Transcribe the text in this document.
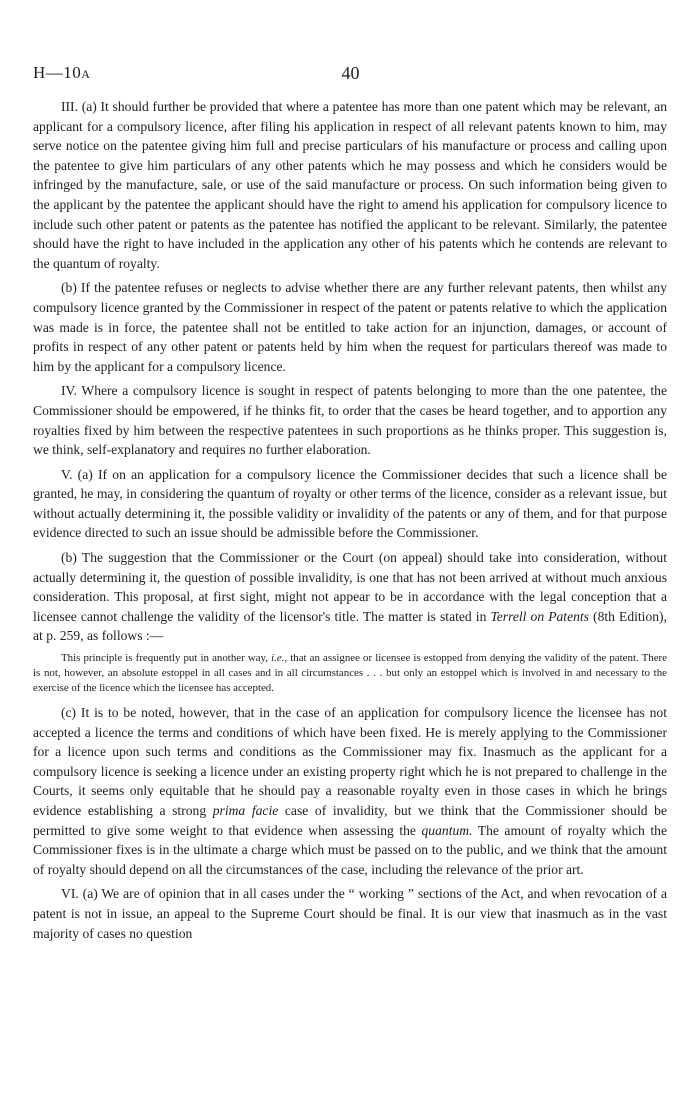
H—10A	40

III. (a) It should further be provided that where a patentee has more than one patent which may be relevant, an applicant for a compulsory licence, after filing his application in respect of all relevant patents known to him, may serve notice on the patentee giving him full and precise particulars of his manufacture or process and calling upon the patentee to give him particulars of any other patents which he may possess and which he considers would be infringed by the manufacture, sale, or use of the said manufacture or process. On such information being given to the applicant by the patentee the applicant should have the right to amend his application for compulsory licence to include such other patent or patents as the patentee has notified the applicant to be relevant. Similarly, the patentee should have the right to have included in the application any other of his patents which he contends are relevant to the quantum of royalty.

(b) If the patentee refuses or neglects to advise whether there are any further relevant patents, then whilst any compulsory licence granted by the Commissioner in respect of the patent or patents relative to which the application was made is in force, the patentee shall not be entitled to take action for an injunction, damages, or account of profits in respect of any other patent or patents held by him when the request for particulars thereof was made to him by the applicant for a compulsory licence.

IV. Where a compulsory licence is sought in respect of patents belonging to more than the one patentee, the Commissioner should be empowered, if he thinks fit, to order that the cases be heard together, and to apportion any royalties fixed by him between the respective patentees in such proportions as he thinks proper. This suggestion is, we think, self-explanatory and requires no further elaboration.

V. (a) If on an application for a compulsory licence the Commissioner decides that such a licence shall be granted, he may, in considering the quantum of royalty or other terms of the licence, consider as a relevant issue, but without actually determining it, the possible validity or invalidity of the patents or any of them, and for that purpose evidence directed to such an issue should be admissible before the Commissioner.

(b) The suggestion that the Commissioner or the Court (on appeal) should take into consideration, without actually determining it, the question of possible invalidity, is one that has not been arrived at without much anxious consideration. This proposal, at first sight, might not appear to be in accordance with the legal conception that a licensee cannot challenge the validity of the licensor's title. The matter is stated in Terrell on Patents (8th Edition), at p. 259, as follows :—

This principle is frequently put in another way, i.e., that an assignee or licensee is estopped from denying the validity of the patent. There is not, however, an absolute estoppel in all cases and in all circumstances . . . but only an estoppel which is involved in and necessary to the exercise of the licence which the licensee has accepted.

(c) It is to be noted, however, that in the case of an application for compulsory licence the licensee has not accepted a licence the terms and conditions of which have been fixed. He is merely applying to the Commissioner for a licence upon such terms and conditions as the Commissioner may fix. Inasmuch as the applicant for a compulsory licence is seeking a licence under an existing property right which he is not prepared to challenge in the Courts, it seems only equitable that he should pay a reasonable royalty even in those cases in which he brings evidence establishing a strong prima facie case of invalidity, but we think that the Commissioner should be permitted to give some weight to that evidence when assessing the quantum. The amount of royalty which the Commissioner fixes is in the ultimate a charge which must be passed on to the public, and we think that the amount of royalty should depend on all the circumstances of the case, including the relevance of the prior art.

VI. (a) We are of opinion that in all cases under the “ working ” sections of the Act, and when revocation of a patent is not in issue, an appeal to the Supreme Court should be final. It is our view that inasmuch as in the vast majority of cases no question
